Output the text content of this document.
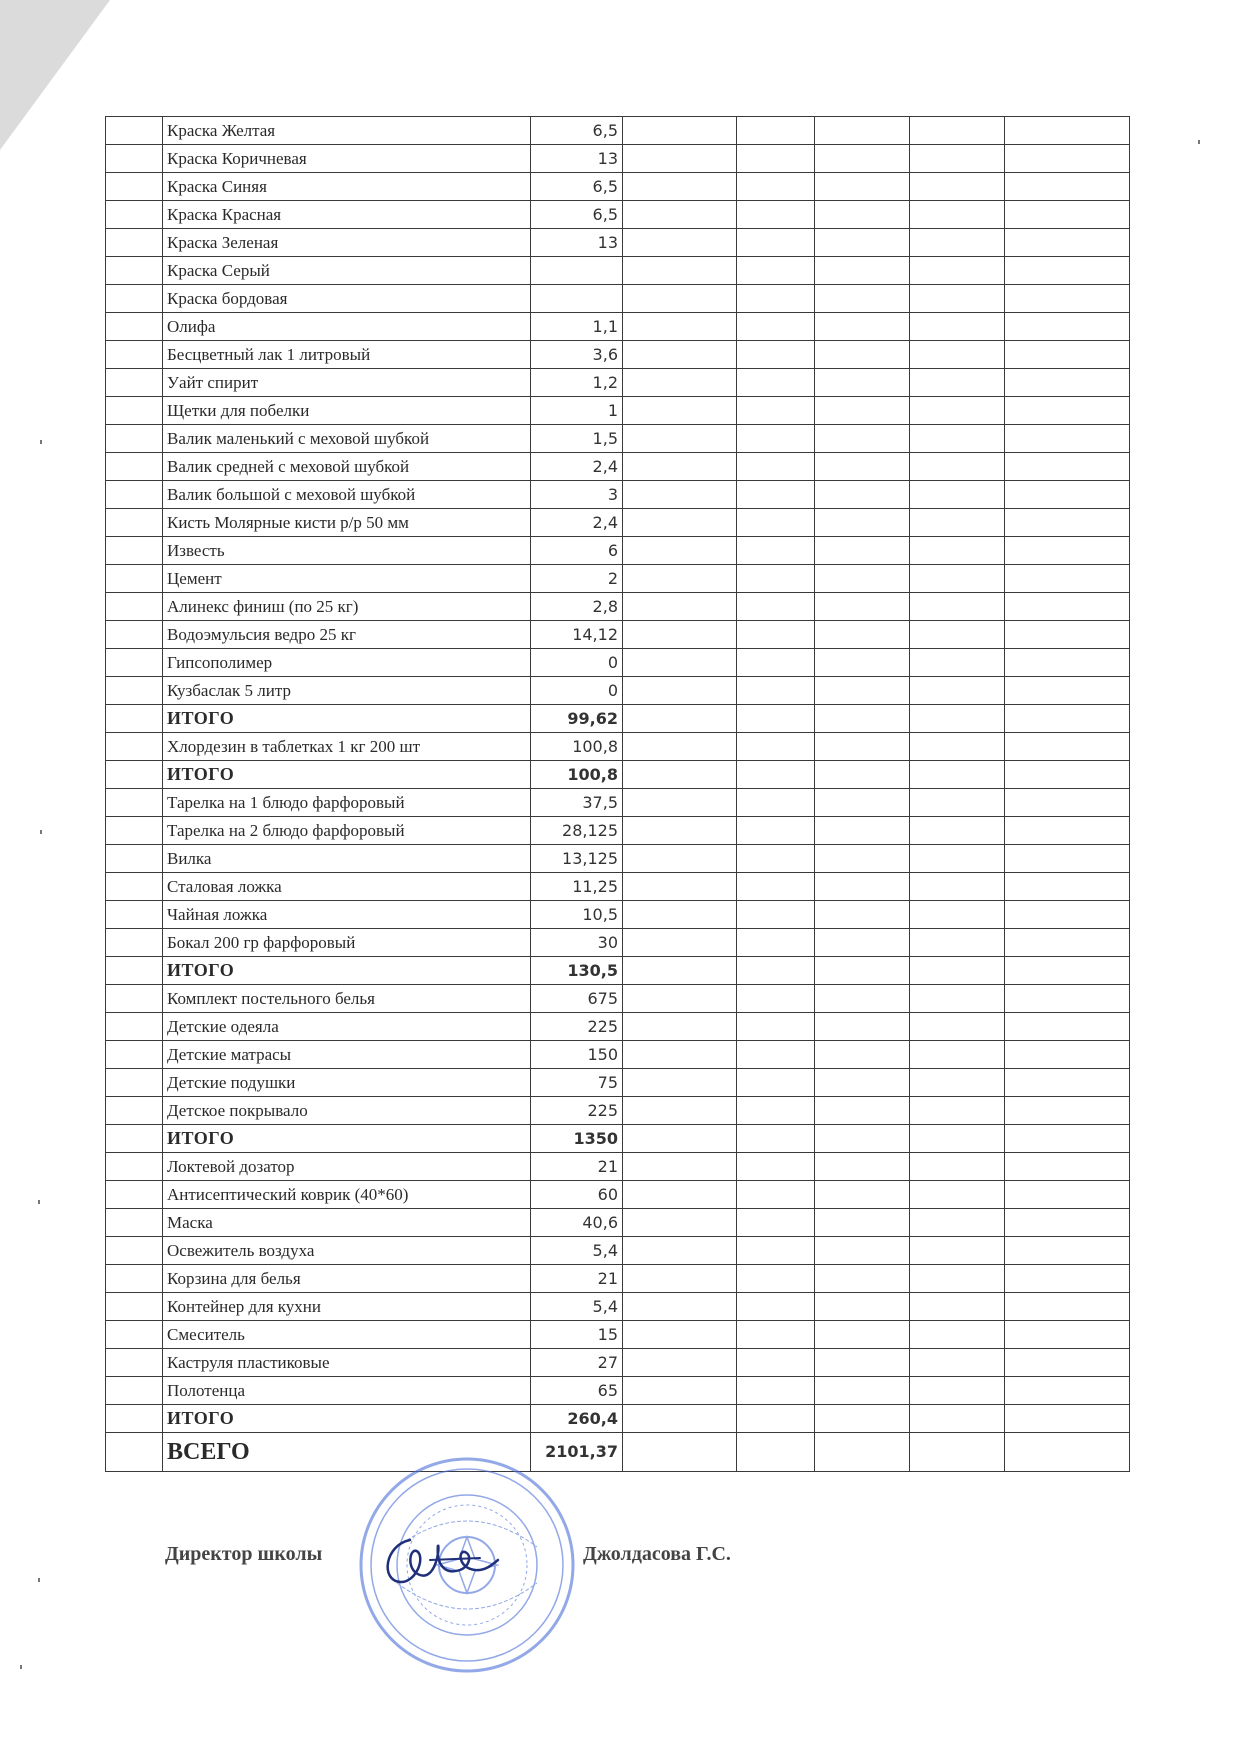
	Краска Желтая	6,5					
	Краска Коричневая	13					
	Краска Синяя	6,5					
	Краска Красная	6,5					
	Краска Зеленая	13					
	Краска Серый						
	Краска бордовая						
	Олифа	1,1					
	Бесцветный лак 1 литровый	3,6					
	Уайт спирит	1,2					
	Щетки для побелки	1					
	Валик маленький с меховой шубкой	1,5					
	Валик средней с меховой шубкой	2,4					
	Валик большой с меховой шубкой	3					
	Кисть Молярные кисти р/р 50 мм	2,4					
	Известь	6					
	Цемент	2					
	Алинекс финиш (по 25 кг)	2,8					
	Водоэмульсия ведро 25 кг	14,12					
	Гипсополимер	0					
	Кузбаслак 5 литр	0					
	ИТОГО	99,62					
	Хлордезин в таблетках 1 кг 200 шт	100,8					
	ИТОГО	100,8					
	Тарелка на 1 блюдо фарфоровый	37,5					
	Тарелка на 2 блюдо фарфоровый	28,125					
	Вилка	13,125					
	Сталовая ложка	11,25					
	Чайная ложка	10,5					
	Бокал 200 гр фарфоровый	30					
	ИТОГО	130,5					
	Комплект постельного белья	675					
	Детские одеяла	225					
	Детские матрасы	150					
	Детские подушки	75					
	Детское покрывало	225					
	ИТОГО	1350					
	Локтевой дозатор	21					
	Антисептический коврик (40*60)	60					
	Маска	40,6					
	Освежитель воздуха	5,4					
	Корзина для белья	21					
	Контейнер для кухни	5,4					
	Смеситель	15					
	Каструля пластиковые	27					
	Полотенца	65					
	ИТОГО	260,4					
	ВСЕГО	2101,37					
Директор школы	Джолдасова Г.С.
